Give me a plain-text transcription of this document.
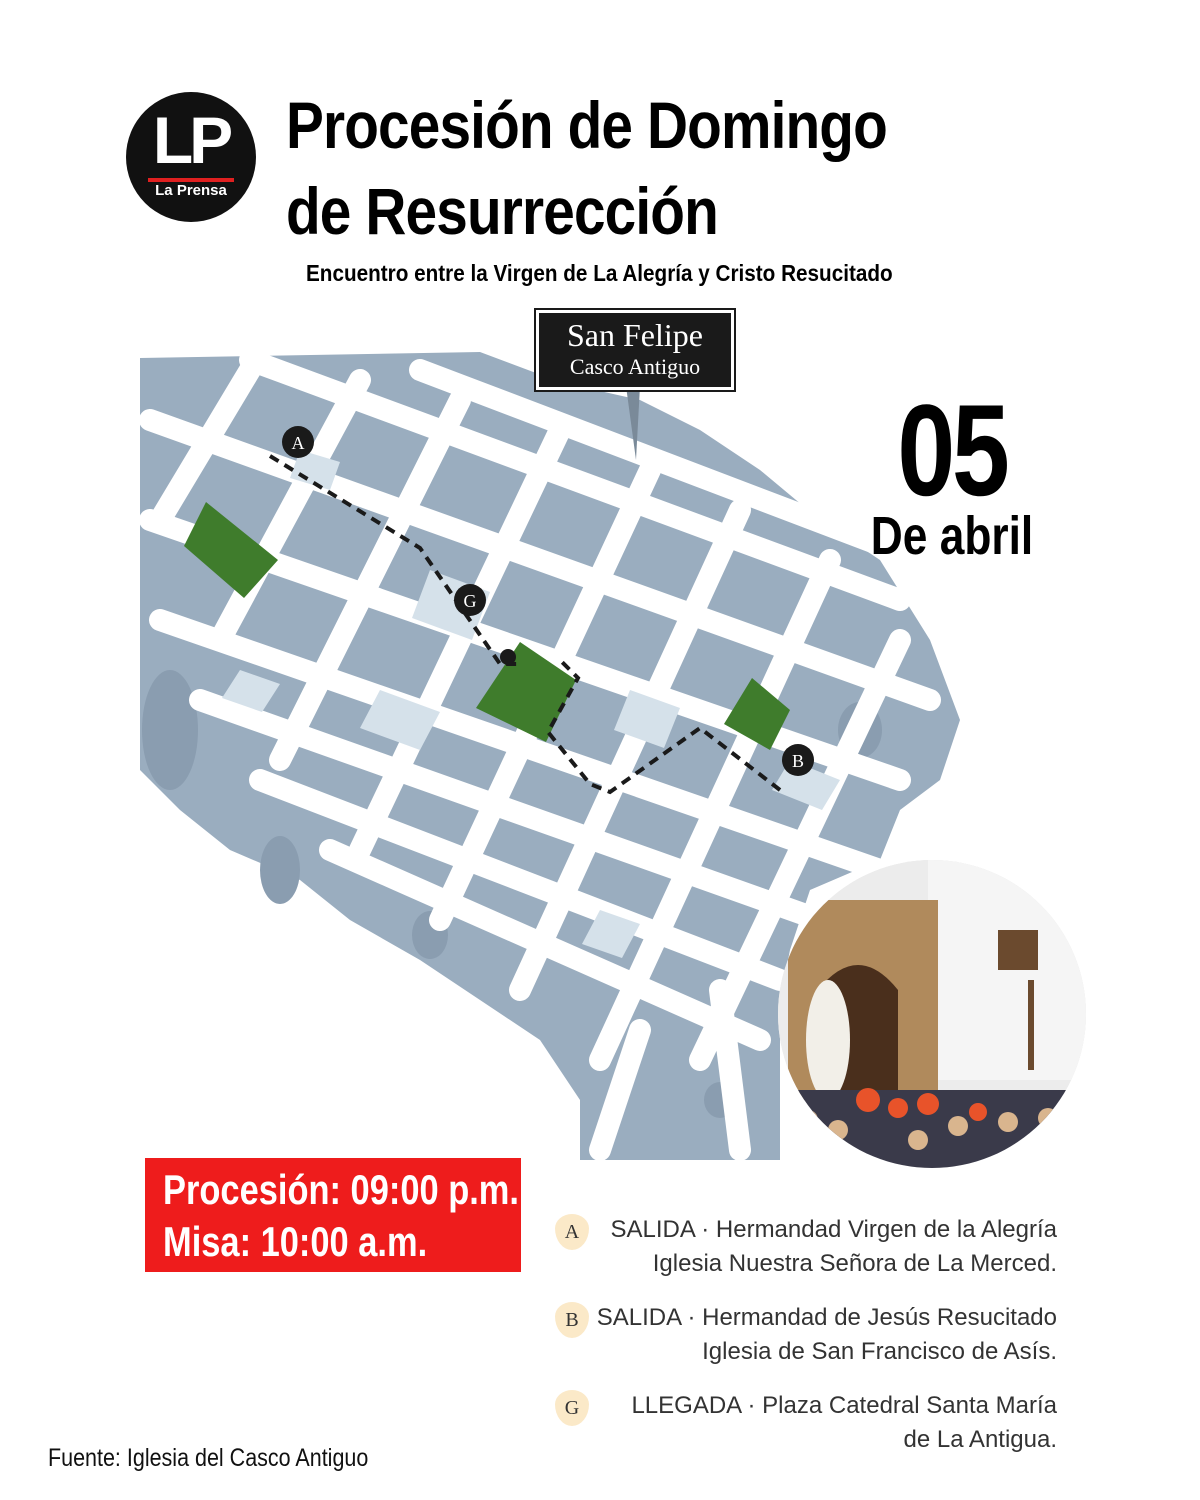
LP
La Prensa
Procesión de Domingo de Resurrección
Encuentro entre la Virgen de La Alegría y Cristo Resucitado
A
B
G
San Felipe
Casco Antiguo
05
De abril
Procesión: 09:00 p.m.
Misa: 10:00 a.m.	A	SALIDA · Hermandad Virgen de la Alegría
Iglesia Nuestra Señora de La Merced.
B SALIDA · Hermandad de Jesús Resucitado
Iglesia de San Francisco de Asís.
G	LLEGADA · Plaza Catedral Santa María
de La Antigua.
Fuente: Iglesia del Casco Antiguo
